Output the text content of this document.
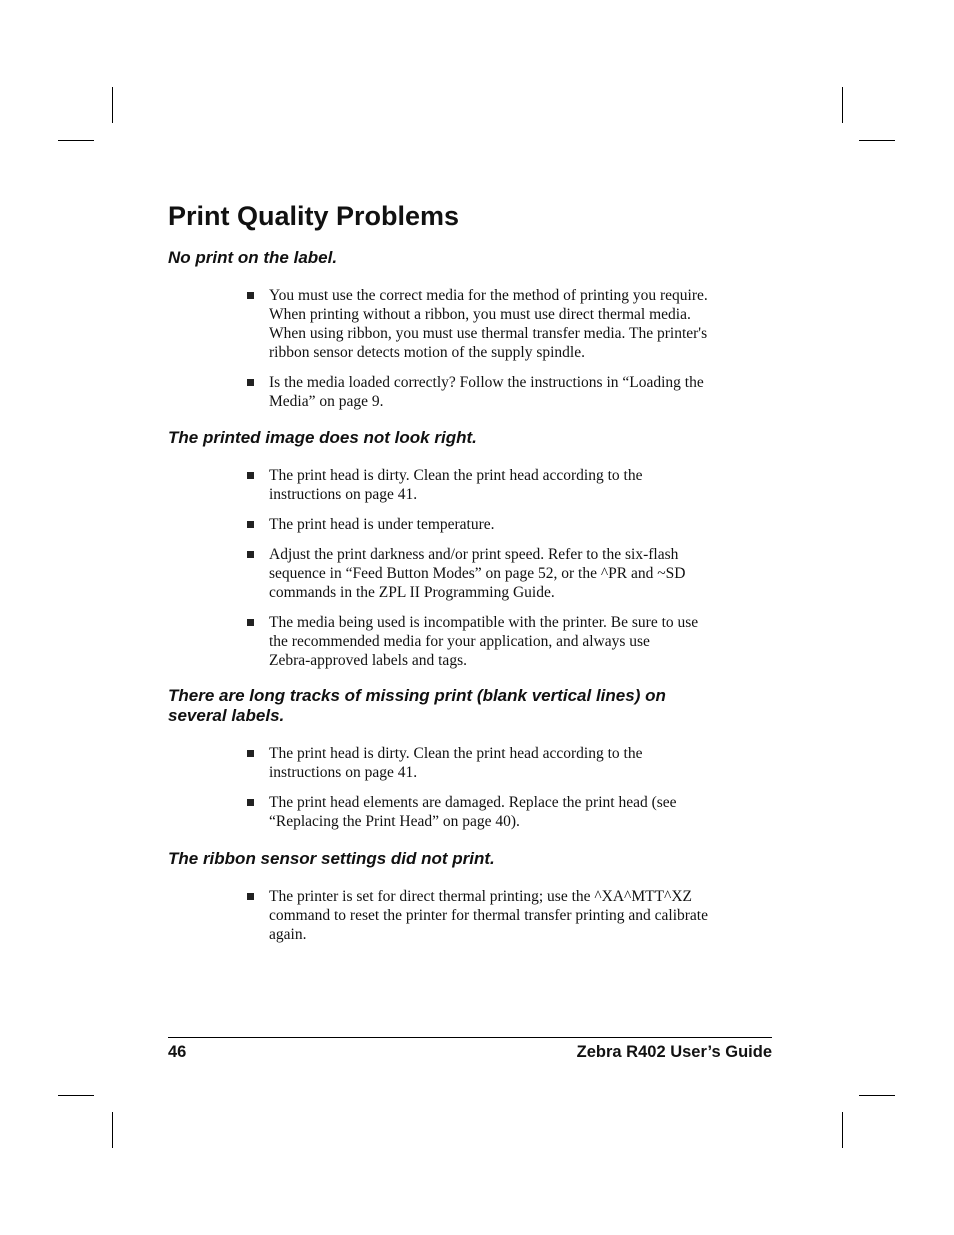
Print Quality Problems
No print on the label.
You must use the correct media for the method of printing you require.
When printing without a ribbon, you must use direct thermal media.
When using ribbon, you must use thermal transfer media. The printer's
ribbon sensor detects motion of the supply spindle.
Is the media loaded correctly? Follow the instructions in “Loading the
Media” on page 9.
The printed image does not look right.
The print head is dirty. Clean the print head according to the
instructions on page 41.
The print head is under temperature.
Adjust the print darkness and/or print speed. Refer to the six-flash
sequence in “Feed Button Modes” on page 52, or the ^PR and ~SD
commands in the ZPL II Programming Guide.
The media being used is incompatible with the printer. Be sure to use
the recommended media for your application, and always use
Zebra-approved labels and tags.
There are long tracks of missing print (blank vertical lines) on
several labels.
The print head is dirty. Clean the print head according to the
instructions on page 41.
The print head elements are damaged. Replace the print head (see
“Replacing the Print Head” on page 40).
The ribbon sensor settings did not print.
The printer is set for direct thermal printing; use the ^XA^MTT^XZ
command to reset the printer for thermal transfer printing and calibrate
again.
46	Zebra R402 User’s Guide
